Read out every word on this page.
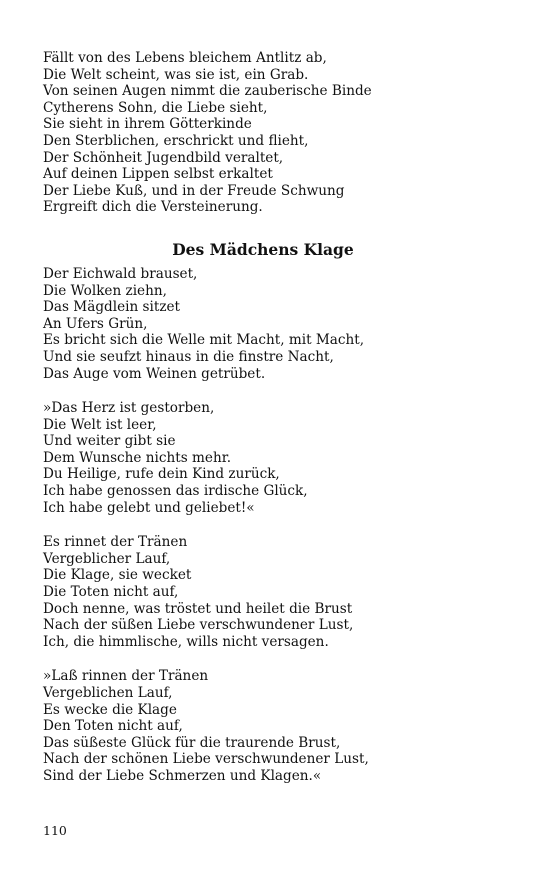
Fällt von des Lebens bleichem Antlitz ab,
Die Welt scheint, was sie ist, ein Grab.
Von seinen Augen nimmt die zauberische Binde
Cytherens Sohn, die Liebe sieht,
Sie sieht in ihrem Götterkinde
Den Sterblichen, erschrickt und flieht,
Der Schönheit Jugendbild veraltet,
Auf deinen Lippen selbst erkaltet
Der Liebe Kuß, und in der Freude Schwung
Ergreift dich die Versteinerung.
Des Mädchens Klage
Der Eichwald brauset,
Die Wolken ziehn,
Das Mägdlein sitzet
An Ufers Grün,
Es bricht sich die Welle mit Macht, mit Macht,
Und sie seufzt hinaus in die finstre Nacht,
Das Auge vom Weinen getrübet.
»Das Herz ist gestorben,
Die Welt ist leer,
Und weiter gibt sie
Dem Wunsche nichts mehr.
Du Heilige, rufe dein Kind zurück,
Ich habe genossen das irdische Glück,
Ich habe gelebt und geliebet!«
Es rinnet der Tränen
Vergeblicher Lauf,
Die Klage, sie wecket
Die Toten nicht auf,
Doch nenne, was tröstet und heilet die Brust
Nach der süßen Liebe verschwundener Lust,
Ich, die himmlische, wills nicht versagen.
»Laß rinnen der Tränen
Vergeblichen Lauf,
Es wecke die Klage
Den Toten nicht auf,
Das süßeste Glück für die traurende Brust,
Nach der schönen Liebe verschwundener Lust,
Sind der Liebe Schmerzen und Klagen.«
110
